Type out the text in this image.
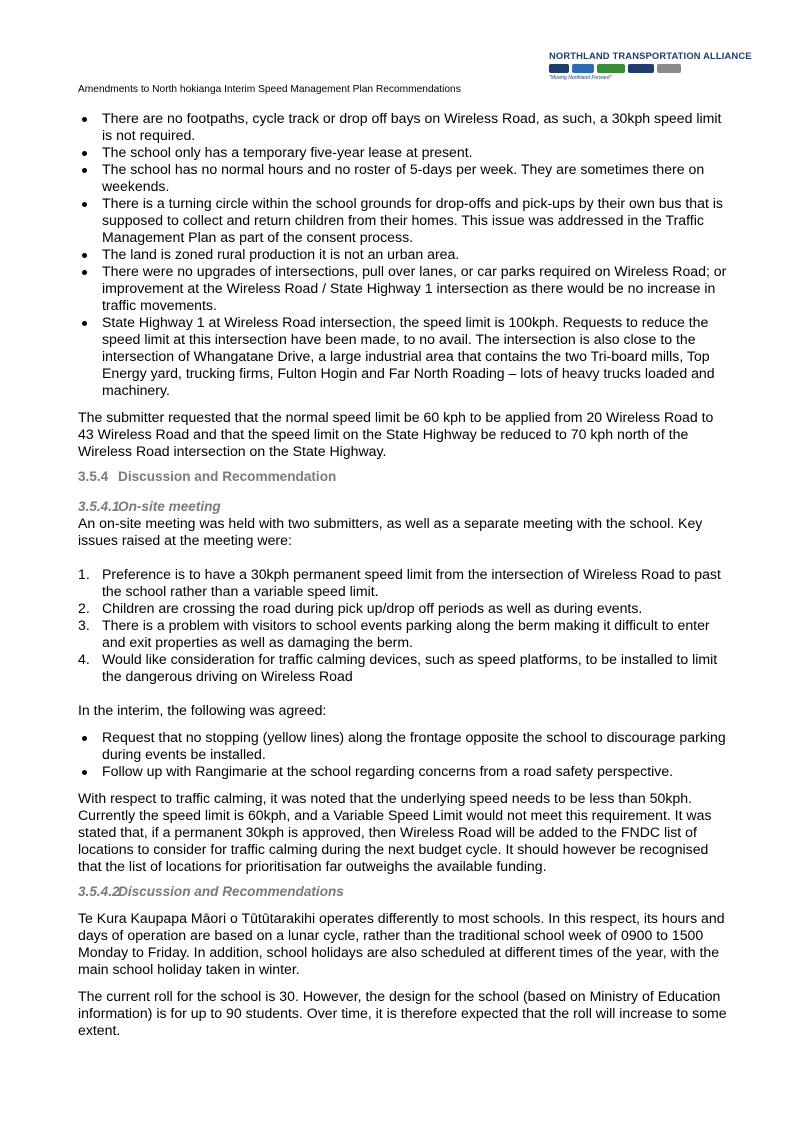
NORTHLAND TRANSPORTATION ALLIANCE
"Moving Northland Forward"
Amendments to North hokianga Interim Speed Management Plan Recommendations
There are no footpaths, cycle track or drop off bays on Wireless Road, as such, a 30kph speed limit is not required.
The school only has a temporary five-year lease at present.
The school has no normal hours and no roster of 5-days per week. They are sometimes there on weekends.
There is a turning circle within the school grounds for drop-offs and pick-ups by their own bus that is supposed to collect and return children from their homes. This issue was addressed in the Traffic Management Plan as part of the consent process.
The land is zoned rural production it is not an urban area.
There were no upgrades of intersections, pull over lanes, or car parks required on Wireless Road; or improvement at the Wireless Road / State Highway 1 intersection as there would be no increase in traffic movements.
State Highway 1 at Wireless Road intersection, the speed limit is 100kph. Requests to reduce the speed limit at this intersection have been made, to no avail. The intersection is also close to the intersection of Whangatane Drive, a large industrial area that contains the two Tri-board mills, Top Energy yard, trucking firms, Fulton Hogin and Far North Roading – lots of heavy trucks loaded and machinery.

The submitter requested that the normal speed limit be 60 kph to be applied from 20 Wireless Road to 43 Wireless Road and that the speed limit on the State Highway be reduced to 70 kph north of the Wireless Road intersection on the State Highway.

3.5.4 Discussion and Recommendation
3.5.4.1On-site meeting

An on-site meeting was held with two submitters, as well as a separate meeting with the school. Key issues raised at the meeting were:

1. Preference is to have a 30kph permanent speed limit from the intersection of Wireless Road to past the school rather than a variable speed limit.
2. Children are crossing the road during pick up/drop off periods as well as during events.
3. There is a problem with visitors to school events parking along the berm making it difficult to enter and exit properties as well as damaging the berm.
4. Would like consideration for traffic calming devices, such as speed platforms, to be installed to limit the dangerous driving on Wireless Road

In the interim, the following was agreed:

Request that no stopping (yellow lines) along the frontage opposite the school to discourage parking during events be installed.
Follow up with Rangimarie at the school regarding concerns from a road safety perspective.

With respect to traffic calming, it was noted that the underlying speed needs to be less than 50kph. Currently the speed limit is 60kph, and a Variable Speed Limit would not meet this requirement. It was stated that, if a permanent 30kph is approved, then Wireless Road will be added to the FNDC list of locations to consider for traffic calming during the next budget cycle. It should however be recognised that the list of locations for prioritisation far outweighs the available funding.

3.5.4.2Discussion and Recommendations

Te Kura Kaupapa Māori o Tūtūtarakihi operates differently to most schools. In this respect, its hours and days of operation are based on a lunar cycle, rather than the traditional school week of 0900 to 1500 Monday to Friday. In addition, school holidays are also scheduled at different times of the year, with the main school holiday taken in winter.

The current roll for the school is 30. However, the design for the school (based on Ministry of Education information) is for up to 90 students. Over time, it is therefore expected that the roll will increase to some extent.
